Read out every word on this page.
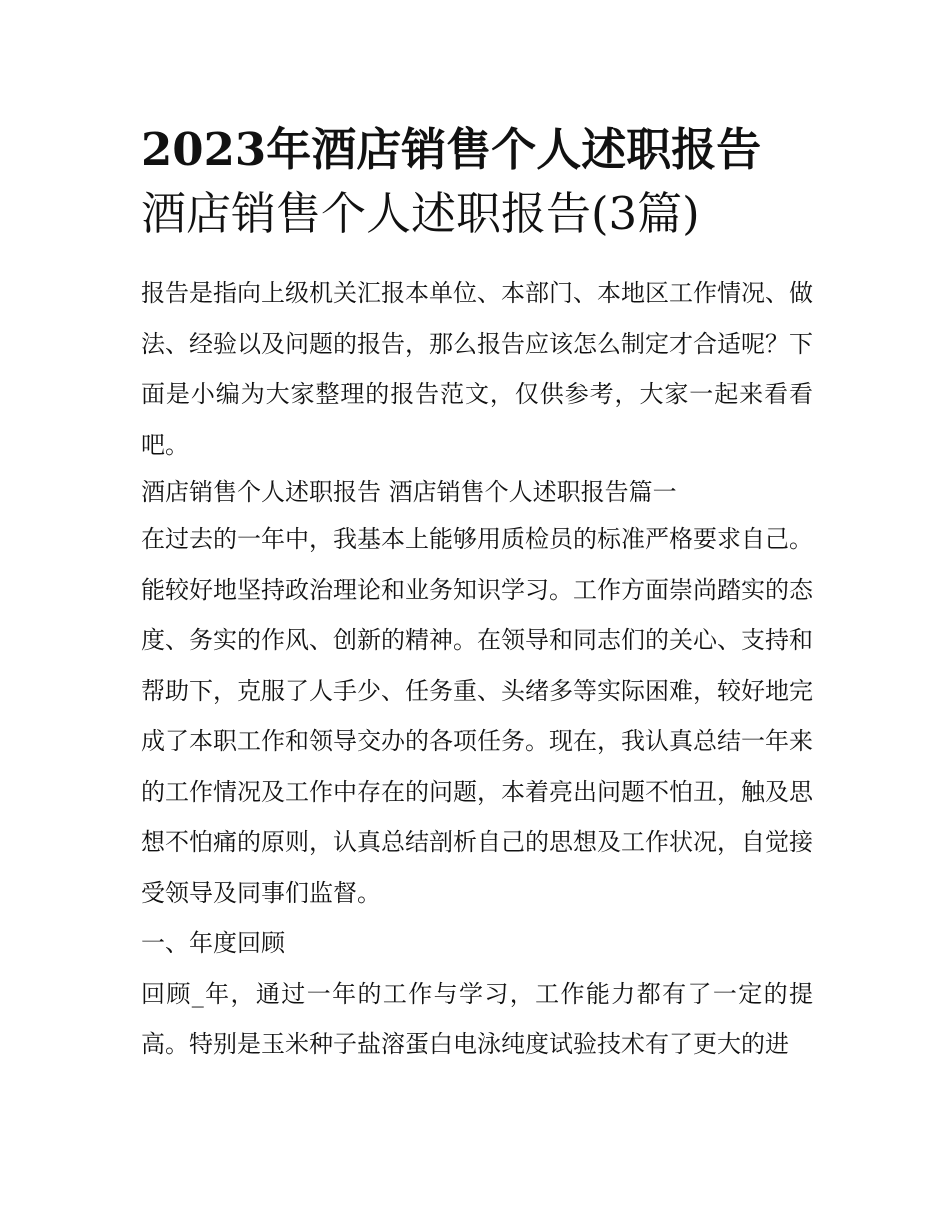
2023年酒店销售个人述职报告
酒店销售个人述职报告(3篇)

报告是指向上级机关汇报本单位、本部门、本地区工作情况、做法、经验以及问题的报告，那么报告应该怎么制定才合适呢？下面是小编为大家整理的报告范文，仅供参考，大家一起来看看吧。

酒店销售个人述职报告 酒店销售个人述职报告篇一

在过去的一年中，我基本上能够用质检员的标准严格要求自己。能较好地坚持政治理论和业务知识学习。工作方面崇尚踏实的态度、务实的作风、创新的精神。在领导和同志们的关心、支持和帮助下，克服了人手少、任务重、头绪多等实际困难，较好地完成了本职工作和领导交办的各项任务。现在，我认真总结一年来的工作情况及工作中存在的问题，本着亮出问题不怕丑，触及思想不怕痛的原则，认真总结剖析自己的思想及工作状况，自觉接受领导及同事们监督。

一、年度回顾

回顾_年，通过一年的工作与学习，工作能力都有了一定的提高。特别是玉米种子盐溶蛋白电泳纯度试验技术有了更大的进
